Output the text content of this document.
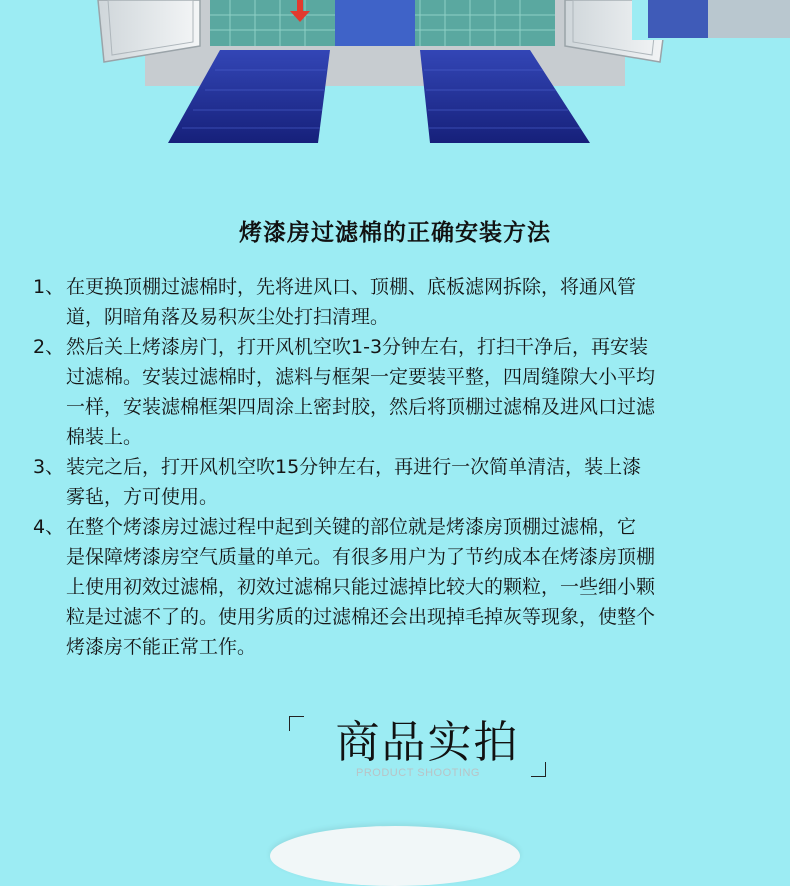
烤漆房过滤棉的正确安装方法
1、 在更换顶棚过滤棉时，先将进风口、顶棚、底板滤网拆除，将通风管
道，阴暗角落及易积灰尘处打扫清理。
2、 然后关上烤漆房门，打开风机空吹1-3分钟左右，打扫干净后，再安装
过滤棉。安装过滤棉时，滤料与框架一定要装平整，四周缝隙大小平均
一样，安装滤棉框架四周涂上密封胶，然后将顶棚过滤棉及进风口过滤
棉装上。
3、 装完之后，打开风机空吹15分钟左右，再进行一次简单清洁，装上漆
雾毡，方可使用。
4、 在整个烤漆房过滤过程中起到关键的部位就是烤漆房顶棚过滤棉，它
是保障烤漆房空气质量的单元。有很多用户为了节约成本在烤漆房顶棚
上使用初效过滤棉，初效过滤棉只能过滤掉比较大的颗粒，一些细小颗
粒是过滤不了的。使用劣质的过滤棉还会出现掉毛掉灰等现象，使整个
烤漆房不能正常工作。
商品实拍
PRODUCT SHOOTING
